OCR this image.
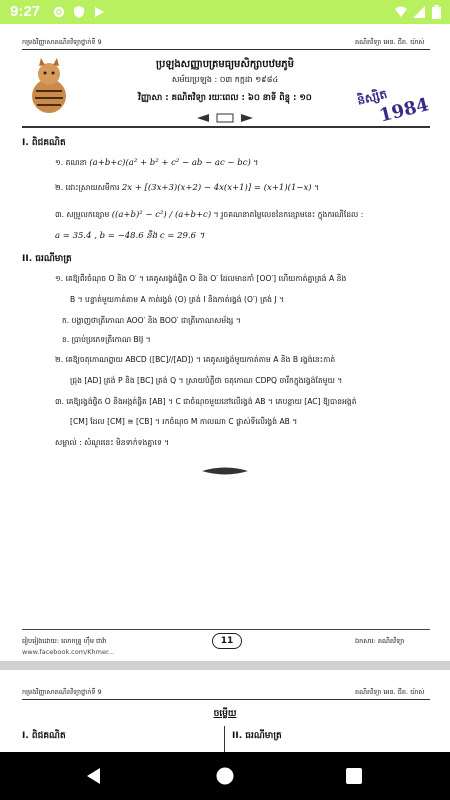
9:27
កម្រងវិញ្ញាសាគណិតវិទ្យាថ្នាក់ទី 9	គណិតវិទ្យា អេន. ជីត. យ៉ាស់
ប្រឡងសញ្ញាបត្រមធ្យមសិក្សាបឋមភូមិ
សម័យប្រឡង : ០៣ កក្កដា ១៩៨៤
វិញ្ញាសា : គណិតវិទ្យា រយៈពេល : ៦០ នាទី ពិន្ទុ : ១០	និស្សិត
1984
I. ពិជគណិត
១. គណនា (a+b+c)(a² + b² + c² − ab − ac − bc) ។
២. ដោះស្រាយសមីការ 2x + [(3x+3)(x+2) − 4x(x+1)] = (x+1)(1−x) ។
៣. សម្រួលកន្សោម ((a+b)² − c²) / (a+b+c) ។ រួចគណនាតម្លៃលេខនៃកន្សោមនេះ ក្នុងករណីដែល :
a = 35.4 , b = −48.6 និង c = 29.6 ។
II. ធរណីមាត្រ
១. គេឱ្យពីរចំណុច O និង O′ ។ គេគូសរង្វង់ផ្ចិត O និង O′ ដែលមានកាំ [OO′] ហើយកាត់គ្នាត្រង់ A និង
B ។ បន្ទាត់មួយកាត់តាម A កាត់រង្វង់ (O) ត្រង់ I និងកាត់រង្វង់ (O′) ត្រង់ J ។
ក. បង្ហាញថាត្រីកោណ AOO′ និង BOO′ ជាត្រីកោណសម័ង្ស ។
ខ. ប្រាប់ប្រភេទត្រីកោណ BIJ ។
២. គេឱ្យចតុកោណព្នាយ ABCD ([BC]//[AD]) ។ គេគូសរង្វង់មួយកាត់តាម A និង B រង្វង់នេះកាត់
ជ្រុង [AD] ត្រង់ P និង [BC] ត្រង់ Q ។ ស្រាយបំភ្លឺថា ចតុកោណ CDPQ ចារឹកក្នុងរង្វង់តែមួយ ។
៣. គេឱ្យរង្វង់ផ្ចិត O និងអង្កត់ផ្ចិត [AB] ។ C ជាចំណុចមួយនៅលើរង្វង់ AB ។ គេបន្លាយ [AC] ឱ្យបានអង្កត់
[CM] ដែល [CM] ≅ [CB] ។ រកចំណុច M កាលណា C ផ្លាស់ទីលើរង្វង់ AB ។
សម្គាល់ : សំណួរនេះ មិនទាក់ទងគ្នាទេ ។
រៀបរៀងដោយ: លោកគ្រូ ហ៊ឹម ជាវ៉ា
www.facebook.com/Khmer...
ឯកសារ: គណិតវិទ្យា
11
កម្រងវិញ្ញាសាគណិតវិទ្យាថ្នាក់ទី 9	គណិតវិទ្យា អេន. ជីត. យ៉ាស់
ចម្លើយ
I. ពិជគណិត	II. ធរណីមាត្រ
